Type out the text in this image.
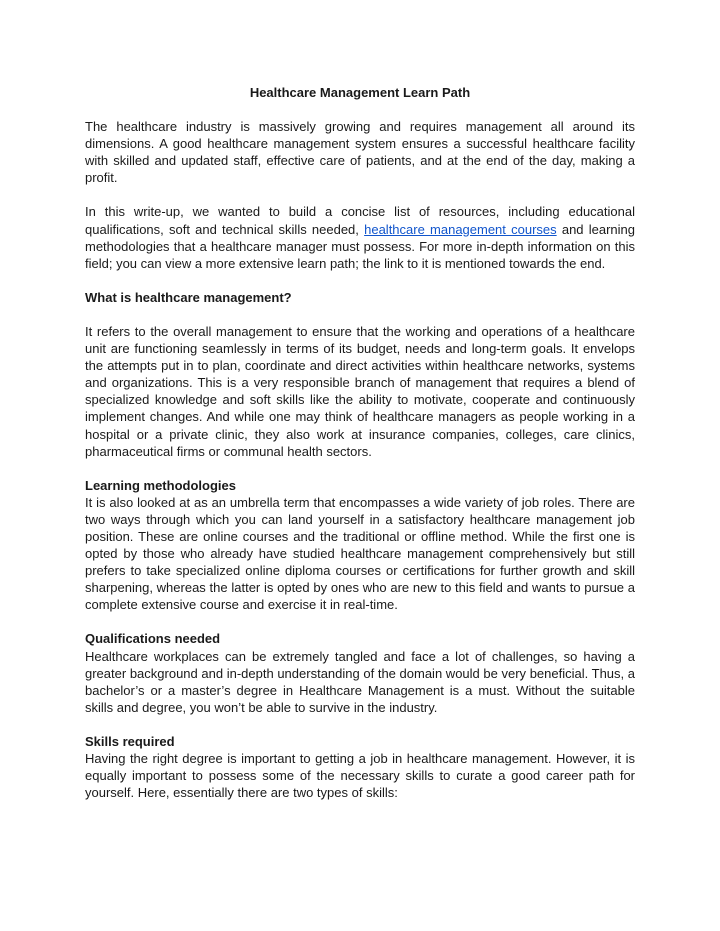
Healthcare Management Learn Path

The healthcare industry is massively growing and requires management all around its dimensions. A good healthcare management system ensures a successful healthcare facility with skilled and updated staff, effective care of patients, and at the end of the day, making a profit.

In this write-up, we wanted to build a concise list of resources, including educational qualifications, soft and technical skills needed, healthcare management courses and learning methodologies that a healthcare manager must possess. For more in-depth information on this field; you can view a more extensive learn path; the link to it is mentioned towards the end.

What is healthcare management?

It refers to the overall management to ensure that the working and operations of a healthcare unit are functioning seamlessly in terms of its budget, needs and long-term goals. It envelops the attempts put in to plan, coordinate and direct activities within healthcare networks, systems and organizations. This is a very responsible branch of management that requires a blend of specialized knowledge and soft skills like the ability to motivate, cooperate and continuously implement changes. And while one may think of healthcare managers as people working in a hospital or a private clinic, they also work at insurance companies, colleges, care clinics, pharmaceutical firms or communal health sectors.

Learning methodologies

It is also looked at as an umbrella term that encompasses a wide variety of job roles. There are two ways through which you can land yourself in a satisfactory healthcare management job position. These are online courses and the traditional or offline method. While the first one is opted by those who already have studied healthcare management comprehensively but still prefers to take specialized online diploma courses or certifications for further growth and skill sharpening, whereas the latter is opted by ones who are new to this field and wants to pursue a complete extensive course and exercise it in real-time.

Qualifications needed

Healthcare workplaces can be extremely tangled and face a lot of challenges, so having a greater background and in-depth understanding of the domain would be very beneficial. Thus, a bachelor’s or a master’s degree in Healthcare Management is a must. Without the suitable skills and degree, you won’t be able to survive in the industry.

Skills required

Having the right degree is important to getting a job in healthcare management. However, it is equally important to possess some of the necessary skills to curate a good career path for yourself. Here, essentially there are two types of skills:
